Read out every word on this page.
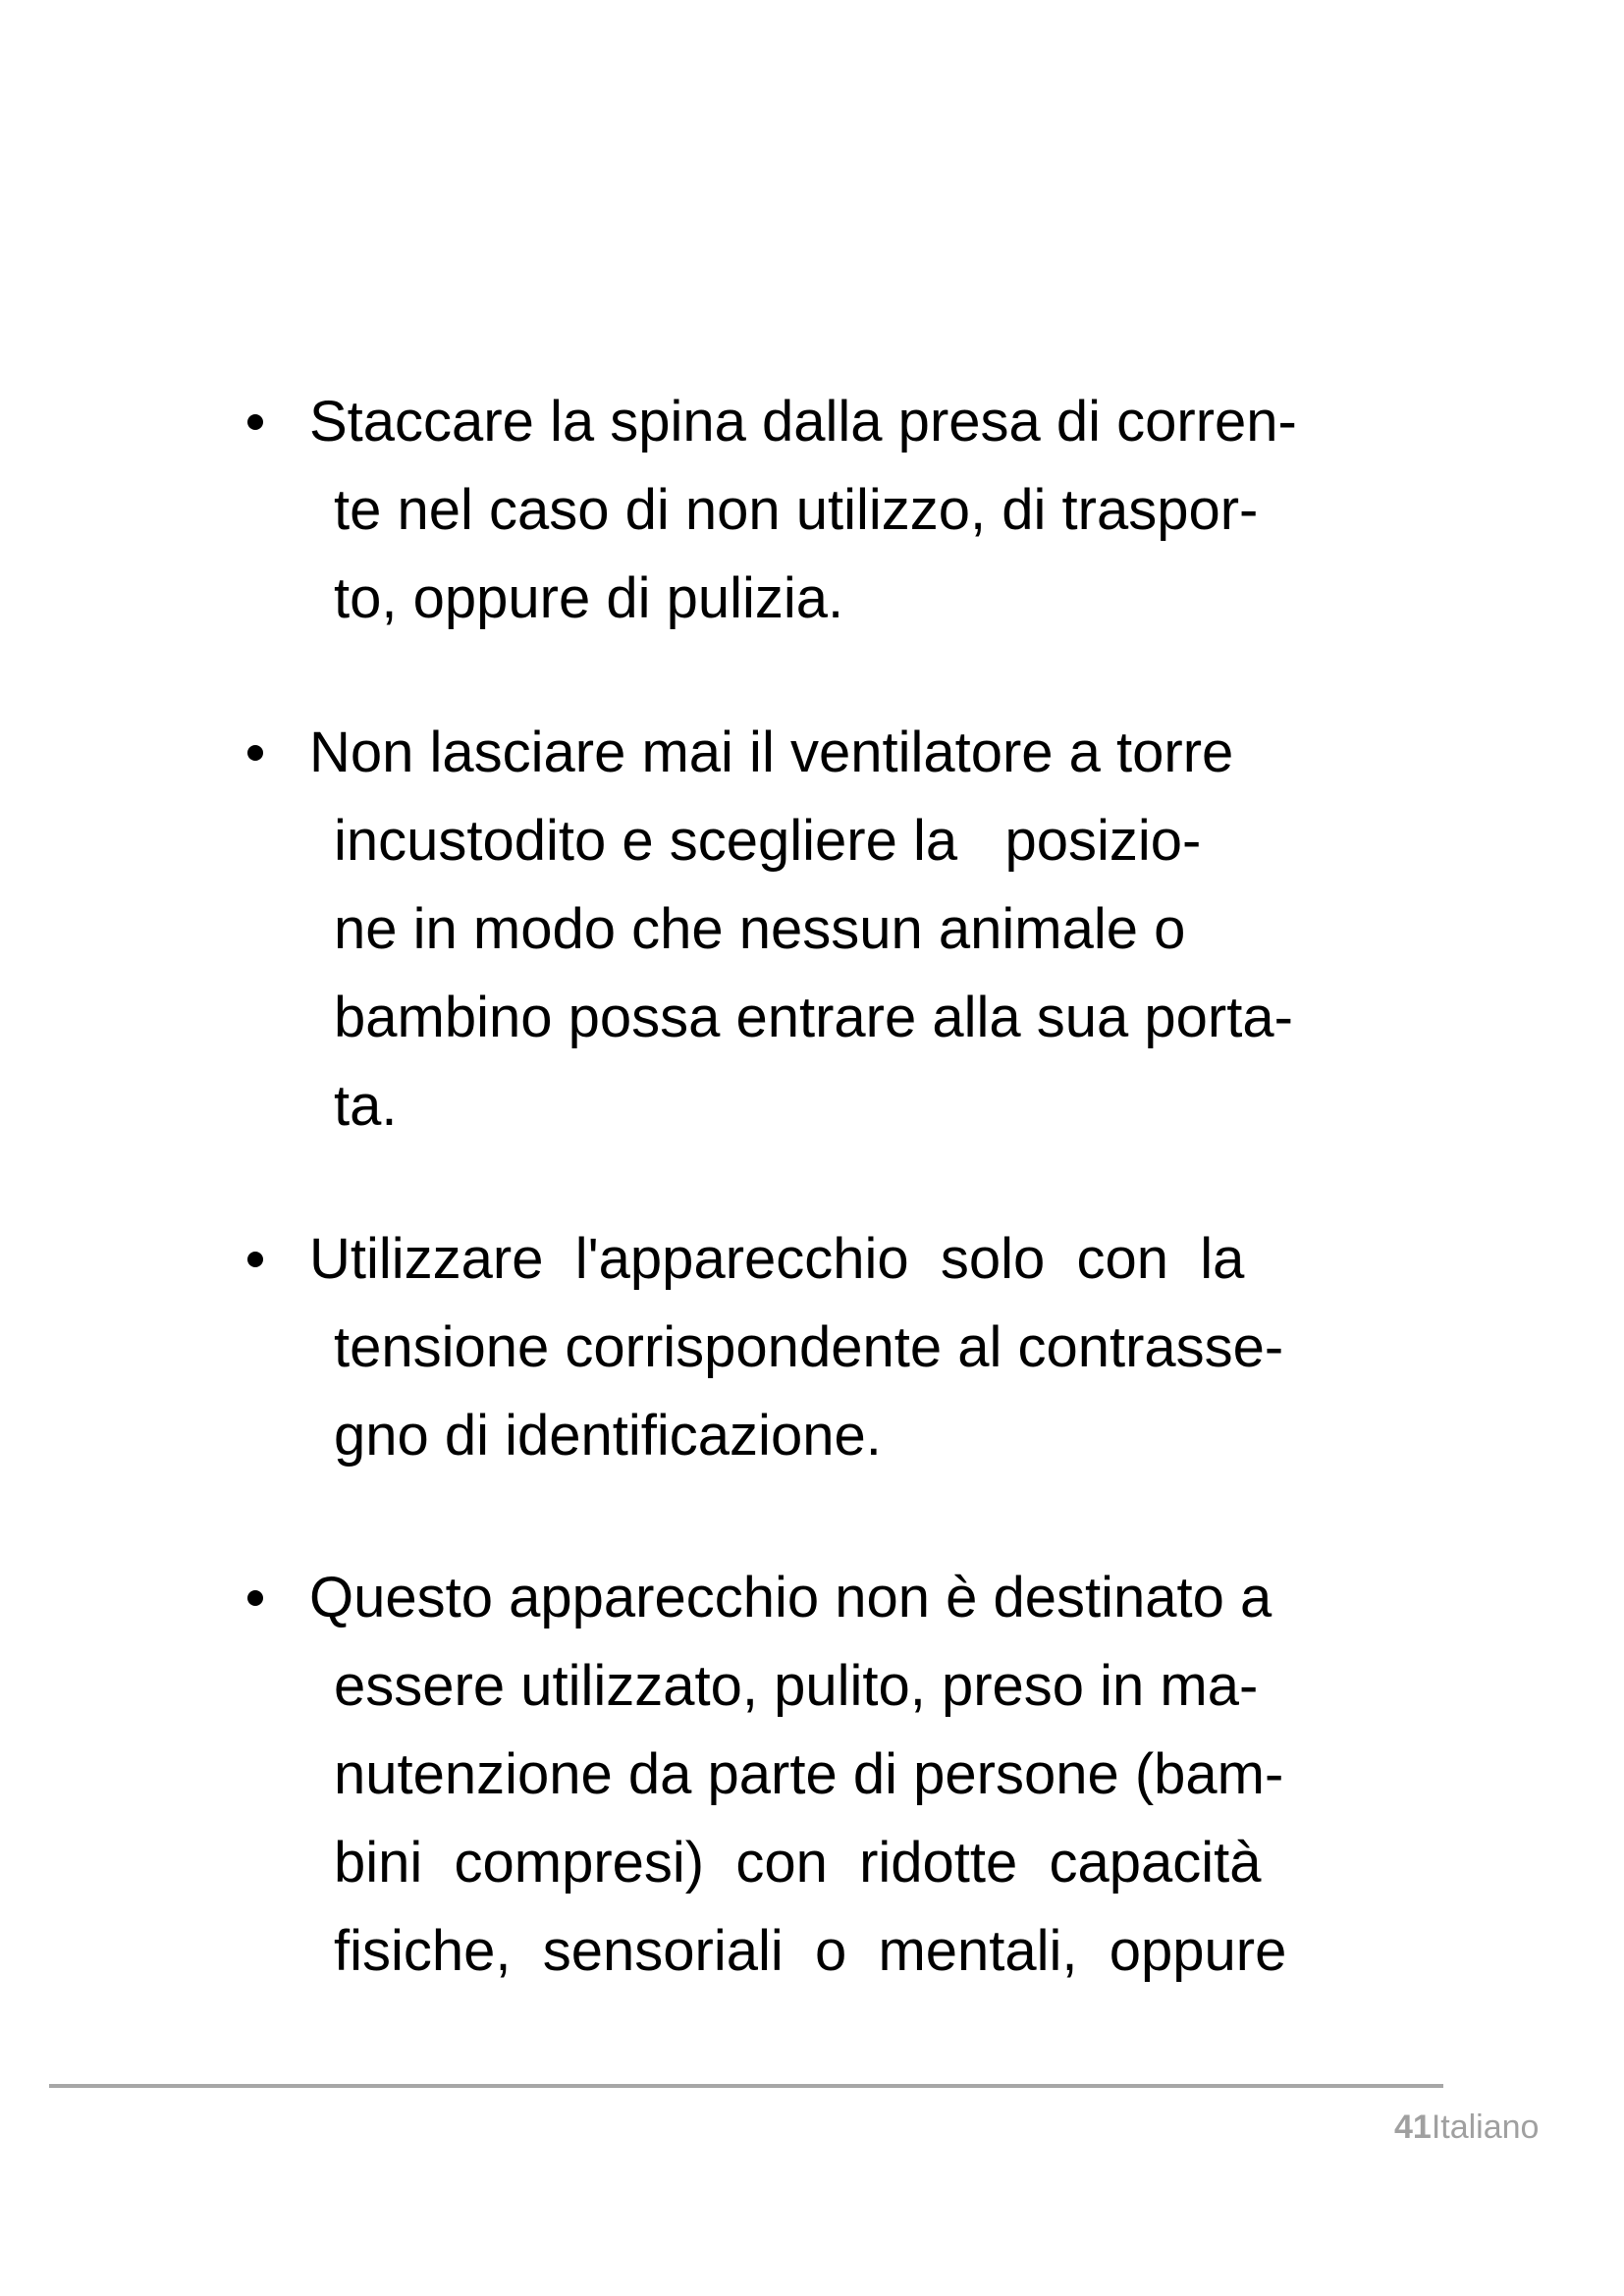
Staccare la spina dalla presa di corren-
te nel caso di non utilizzo, di traspor-
to, oppure di pulizia.
Non lasciare mai il ventilatore a torre
incustodito e scegliere la   posizio-
ne in modo che nessun animale o
bambino possa entrare alla sua porta-
ta.
Utilizzare  l'apparecchio  solo  con  la
tensione corrispondente al contrasse-
gno di identificazione.
Questo apparecchio non è destinato a
essere utilizzato, pulito, preso in ma-
nutenzione da parte di persone (bam-
bini  compresi)  con  ridotte  capacità
fisiche,  sensoriali  o  mentali,  oppure
41Italiano
